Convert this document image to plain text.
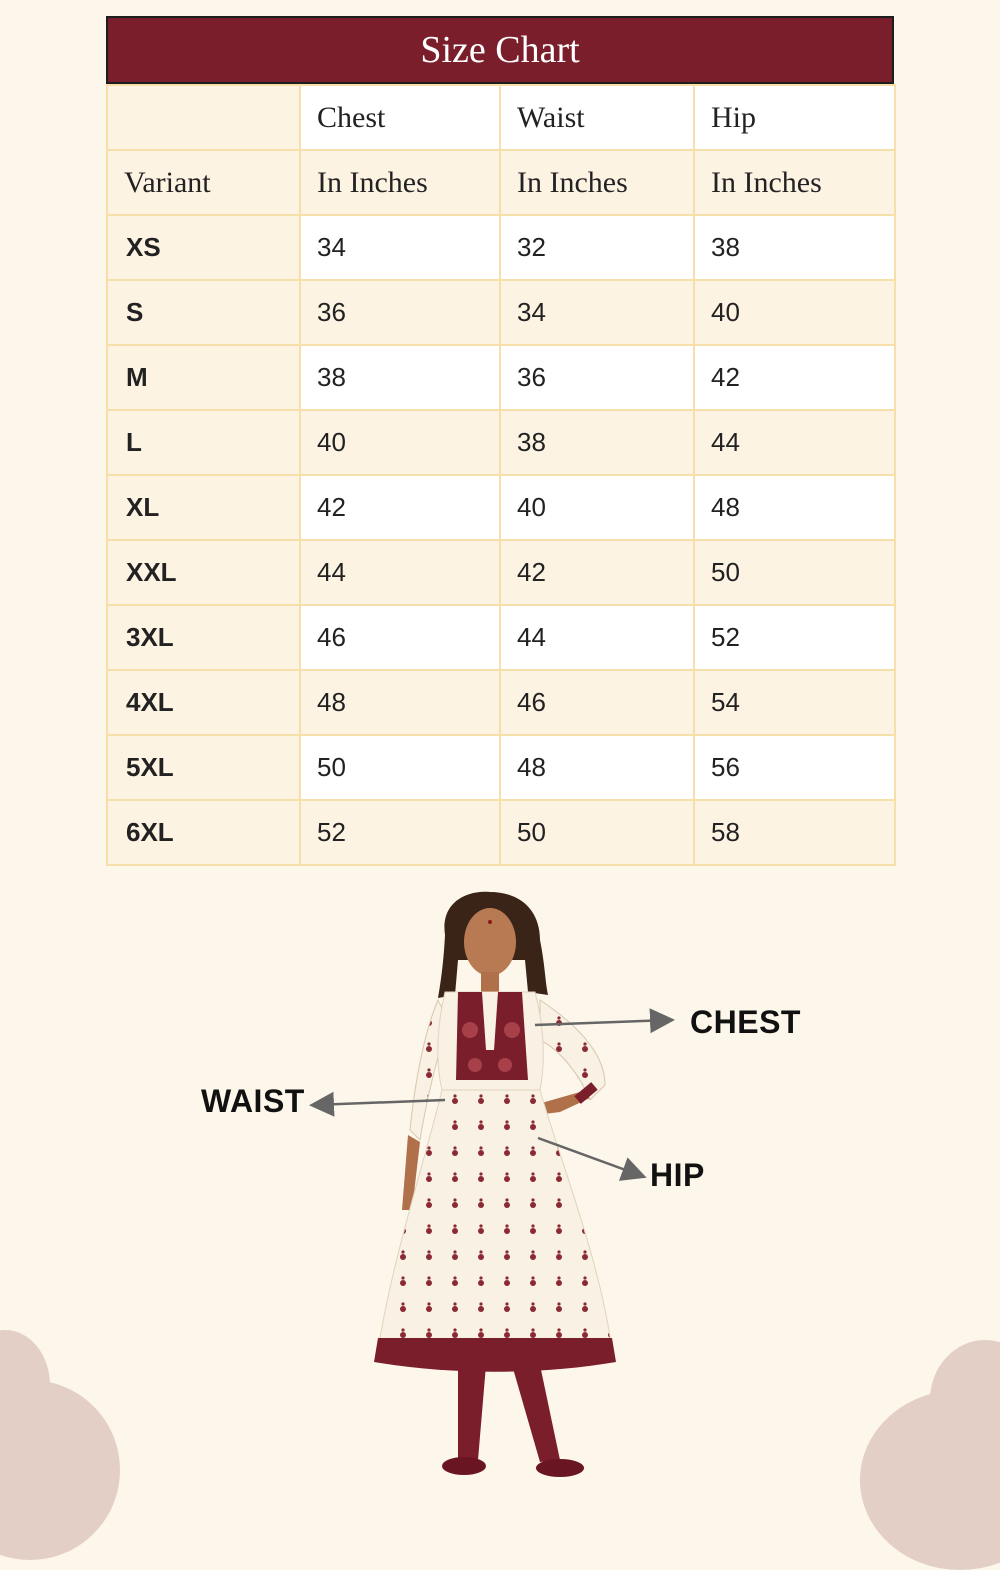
Size Chart
	Chest	Waist	Hip
Variant	In Inches	In Inches	In Inches
XS	34	32	38
S	36	34	40
M	38	36	42
L	40	38	44
XL	42	40	48
XXL	44	42	50
3XL	46	44	52
4XL	48	46	54
5XL	50	48	56
6XL	52	50	58
CHEST
WAIST
HIP
